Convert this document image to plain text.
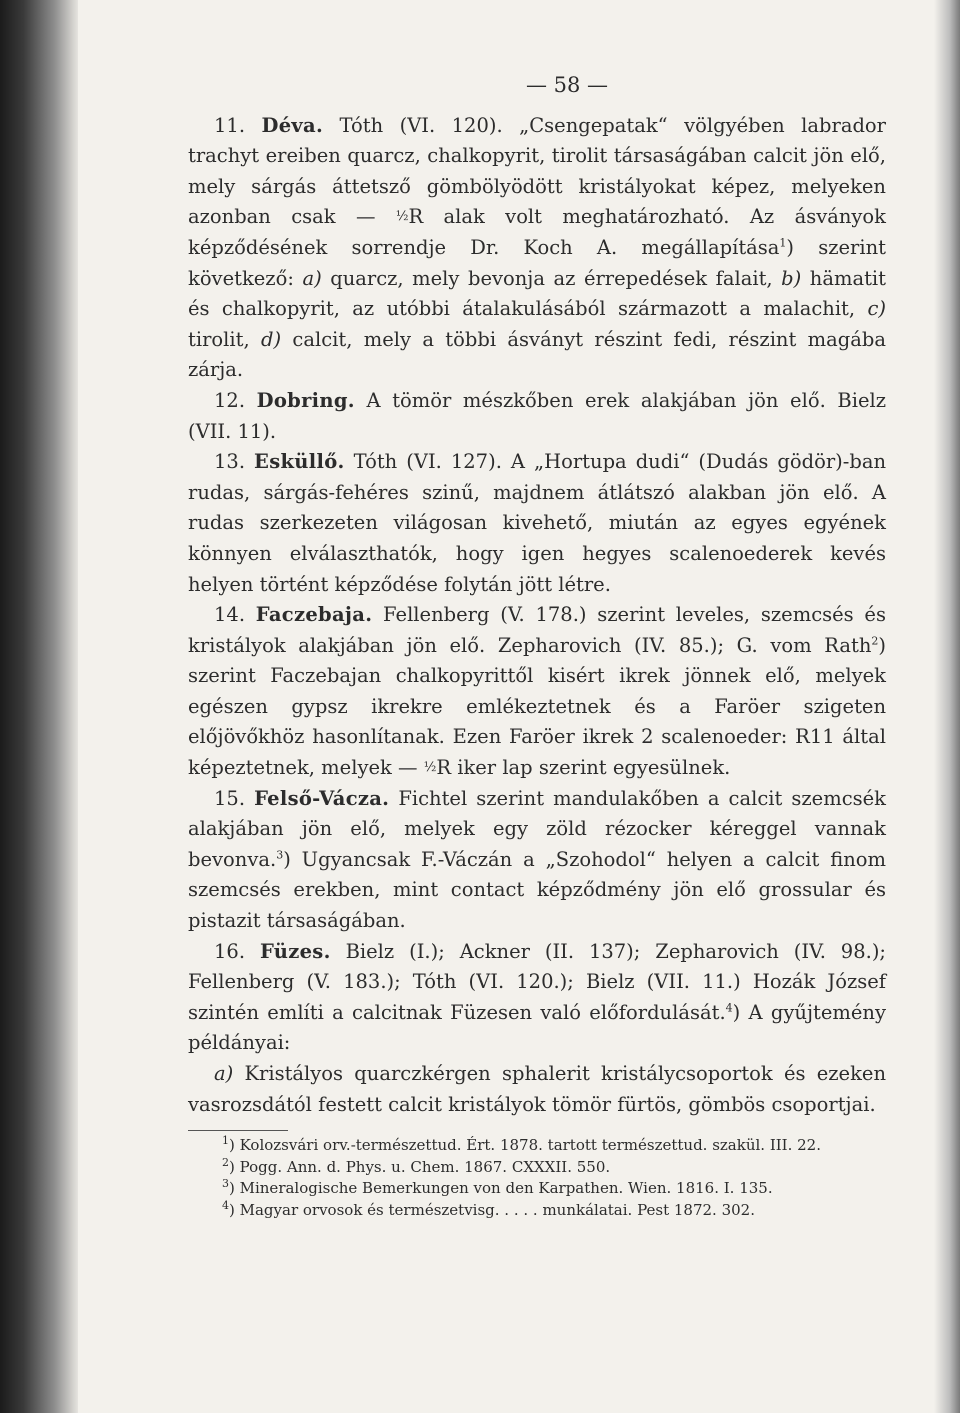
— 58 —

11. Déva. Tóth (VI. 120). „Csengepatak“ völgyében labrador trachyt ereiben quarcz, chalkopyrit, tirolit társaságában calcit jön elő, mely sárgás áttetsző gömbölyödött kristályokat képez, melyeken azonban csak — ½R alak volt meghatározható. Az ásványok képződésének sorrendje Dr. Koch A. megállapítása$^1$) szerint következő: a) quarcz, mely bevonja az érrepedések falait, b) hämatit és chalkopyrit, az utóbbi átalakulásából származott a malachit, c) tirolit, d) calcit, mely a többi ásványt részint fedi, részint magába zárja.

12. Dobring. A tömör mészkőben erek alakjában jön elő. Bielz (VII. 11).

13. Esküllő. Tóth (VI. 127). A „Hortupa dudi“ (Dudás gödör)-ban rudas, sárgás-fehéres szinű, majdnem átlátszó alakban jön elő. A rudas szerkezeten világosan kivehető, miután az egyes egyének könnyen elválaszthatók, hogy igen hegyes scalenoederek kevés helyen történt képződése folytán jött létre.

14. Faczebaja. Fellenberg (V. 178.) szerint leveles, szemcsés és kristályok alakjában jön elő. Zepharovich (IV. 85.); G. vom Rath$^2$) szerint Faczebajan chalkopyrittől kisért ikrek jönnek elő, melyek egészen gypsz ikrekre emlékeztetnek és a Faröer szigeten előjövőkhöz hasonlítanak. Ezen Faröer ikrek 2 scalenoeder: R11 által képeztetnek, melyek — ½R iker lap szerint egyesülnek.

15. Felső-Vácza. Fichtel szerint mandulakőben a calcit szemcsék alakjában jön elő, melyek egy zöld rézocker kéreggel vannak bevonva.$^3$) Ugyancsak F.-Váczán a „Szohodol“ helyen a calcit finom szemcsés erekben, mint contact képződmény jön elő grossular és pistazit társaságában.

16. Füzes. Bielz (I.); Ackner (II. 137); Zepharovich (IV. 98.); Fellenberg (V. 183.); Tóth (VI. 120.); Bielz (VII. 11.) Hozák József szintén említi a calcitnak Füzesen való előfordulását.$^4$) A gyűjtemény példányai:

a) Kristályos quarczkérgen sphalerit kristálycsoportok és ezeken vasrozsdától festett calcit kristályok tömör fürtös, gömbös csoportjai.

$^1$) Kolozsvári orv.-természettud. Ért. 1878. tartott természettud. szakül. III. 22.

$^2$) Pogg. Ann. d. Phys. u. Chem. 1867. CXXXII. 550.

$^3$) Mineralogische Bemerkungen von den Karpathen. Wien. 1816. I. 135.

$^4$) Magyar orvosok és természetvisg. . . . . munkálatai. Pest 1872. 302.
